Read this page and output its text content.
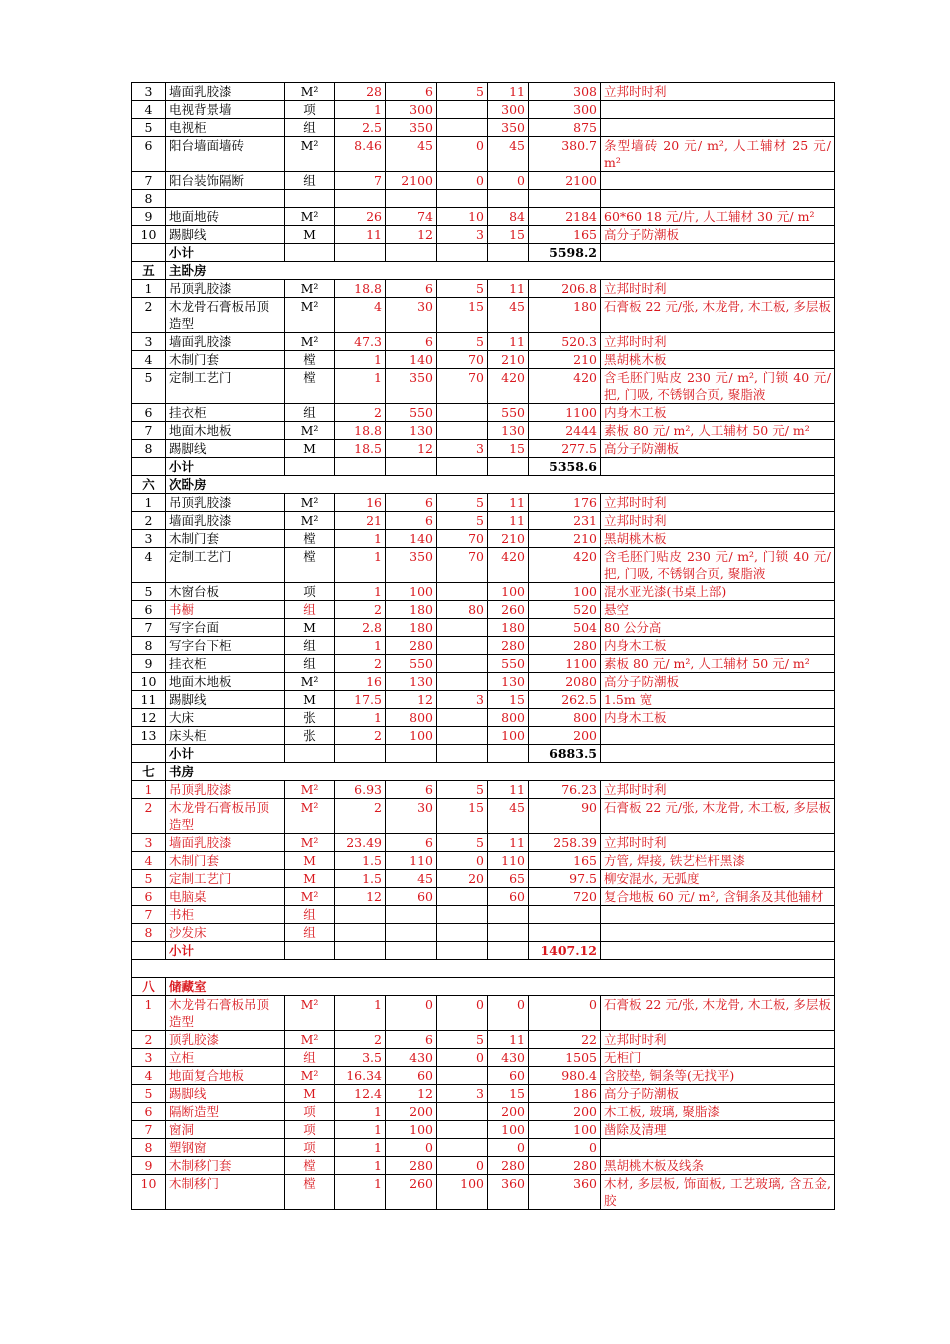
3	墙面乳胶漆	M²	28	6	5	11	308	立邦时时利
4	电视背景墙	项	1	300		300	300	
5	电视柜	组	2.5	350		350	875	
6	阳台墙面墙砖	M²	8.46	45	0	45	380.7	条型墙砖 20 元/ m², 人工辅材 25 元/ m²
7	阳台装饰隔断	组	7	2100	0	0	2100	
8								
9	地面地砖	M²	26	74	10	84	2184	60*60 18 元/片, 人工辅材 30 元/ m²
10	踢脚线	M	11	12	3	15	165	高分子防潮板
	小计						5598.2	
五	主卧房							
1	吊顶乳胶漆	M²	18.8	6	5	11	206.8	立邦时时利
2	木龙骨石膏板吊顶造型	M²	4	30	15	45	180	石膏板 22 元/张, 木龙骨, 木工板, 多层板
3	墙面乳胶漆	M²	47.3	6	5	11	520.3	立邦时时利
4	木制门套	樘	1	140	70	210	210	黑胡桃木板
5	定制工艺门	樘	1	350	70	420	420	含毛胚门贴皮 230 元/ m², 门锁 40 元/把, 门吸, 不锈钢合页, 聚脂液
6	挂衣柜	组	2	550		550	1100	内身木工板
7	地面木地板	M²	18.8	130		130	2444	素板 80 元/ m², 人工辅材 50 元/ m²
8	踢脚线	M	18.5	12	3	15	277.5	高分子防潮板
	小计						5358.6	
六	次卧房							
1	吊顶乳胶漆	M²	16	6	5	11	176	立邦时时利
2	墙面乳胶漆	M²	21	6	5	11	231	立邦时时利
3	木制门套	樘	1	140	70	210	210	黑胡桃木板
4	定制工艺门	樘	1	350	70	420	420	含毛胚门贴皮 230 元/ m², 门锁 40 元/把, 门吸, 不锈钢合页, 聚脂液
5	木窗台板	项	1	100		100	100	混水亚光漆(书桌上部)
6	书橱	组	2	180	80	260	520	悬空
7	写字台面	M	2.8	180		180	504	80 公分高
8	写字台下柜	组	1	280		280	280	内身木工板
9	挂衣柜	组	2	550		550	1100	素板 80 元/ m², 人工辅材 50 元/ m²
10	地面木地板	M²	16	130		130	2080	高分子防潮板
11	踢脚线	M	17.5	12	3	15	262.5	1.5m 宽
12	大床	张	1	800		800	800	内身木工板
13	床头柜	张	2	100		100	200	
	小计						6883.5	
七	书房							
1	吊顶乳胶漆	M²	6.93	6	5	11	76.23	立邦时时利
2	木龙骨石膏板吊顶造型	M²	2	30	15	45	90	石膏板 22 元/张, 木龙骨, 木工板, 多层板
3	墙面乳胶漆	M²	23.49	6	5	11	258.39	立邦时时利
4	木制门套	M	1.5	110	0	110	165	方管, 焊接, 铁艺栏杆黑漆
5	定制工艺门	M	1.5	45	20	65	97.5	柳安混水, 无弧度
6	电脑桌	M²	12	60		60	720	复合地板 60 元/ m², 含铜条及其他辅材
7	书柜	组						
8	沙发床	组						
	小计						1407.12	

八	储藏室							
1	木龙骨石膏板吊顶造型	M²	1	0	0	0	0	石膏板 22 元/张, 木龙骨, 木工板, 多层板
2	顶乳胶漆	M²	2	6	5	11	22	立邦时时利
3	立柜	组	3.5	430	0	430	1505	无柜门
4	地面复合地板	M²	16.34	60		60	980.4	含胶垫, 铜条等(无找平)
5	踢脚线	M	12.4	12	3	15	186	高分子防潮板
6	隔断造型	项	1	200		200	200	木工板, 玻璃, 聚脂漆
7	窗洞	项	1	100		100	100	凿除及清理
8	塑钢窗	项	1	0		0	0	
9	木制移门套	樘	1	280	0	280	280	黑胡桃木板及线条
10	木制移门	樘	1	260	100	360	360	木材, 多层板, 饰面板, 工艺玻璃, 含五金, 胶
